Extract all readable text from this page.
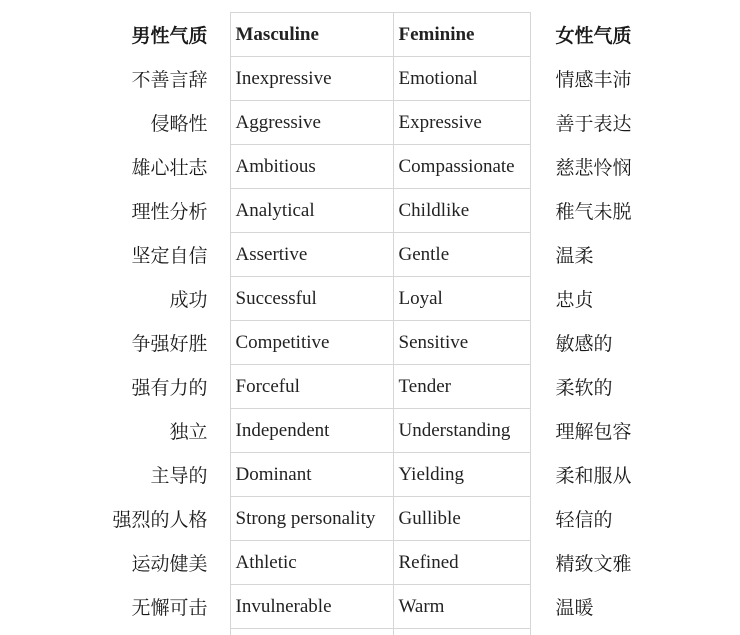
男性气质	Masculine	Feminine	女性气质
不善言辞	Inexpressive	Emotional	情感丰沛
侵略性	Aggressive	Expressive	善于表达
雄心壮志	Ambitious	Compassionate	慈悲怜悯
理性分析	Analytical	Childlike	稚气未脱
坚定自信	Assertive	Gentle	温柔
成功	Successful	Loyal	忠贞
争强好胜	Competitive	Sensitive	敏感的
强有力的	Forceful	Tender	柔软的
独立	Independent	Understanding	理解包容
主导的	Dominant	Yielding	柔和服从
强烈的人格	Strong personality	Gullible	轻信的
运动健美	Athletic	Refined	精致文雅
无懈可击	Invulnerable	Warm	温暖
